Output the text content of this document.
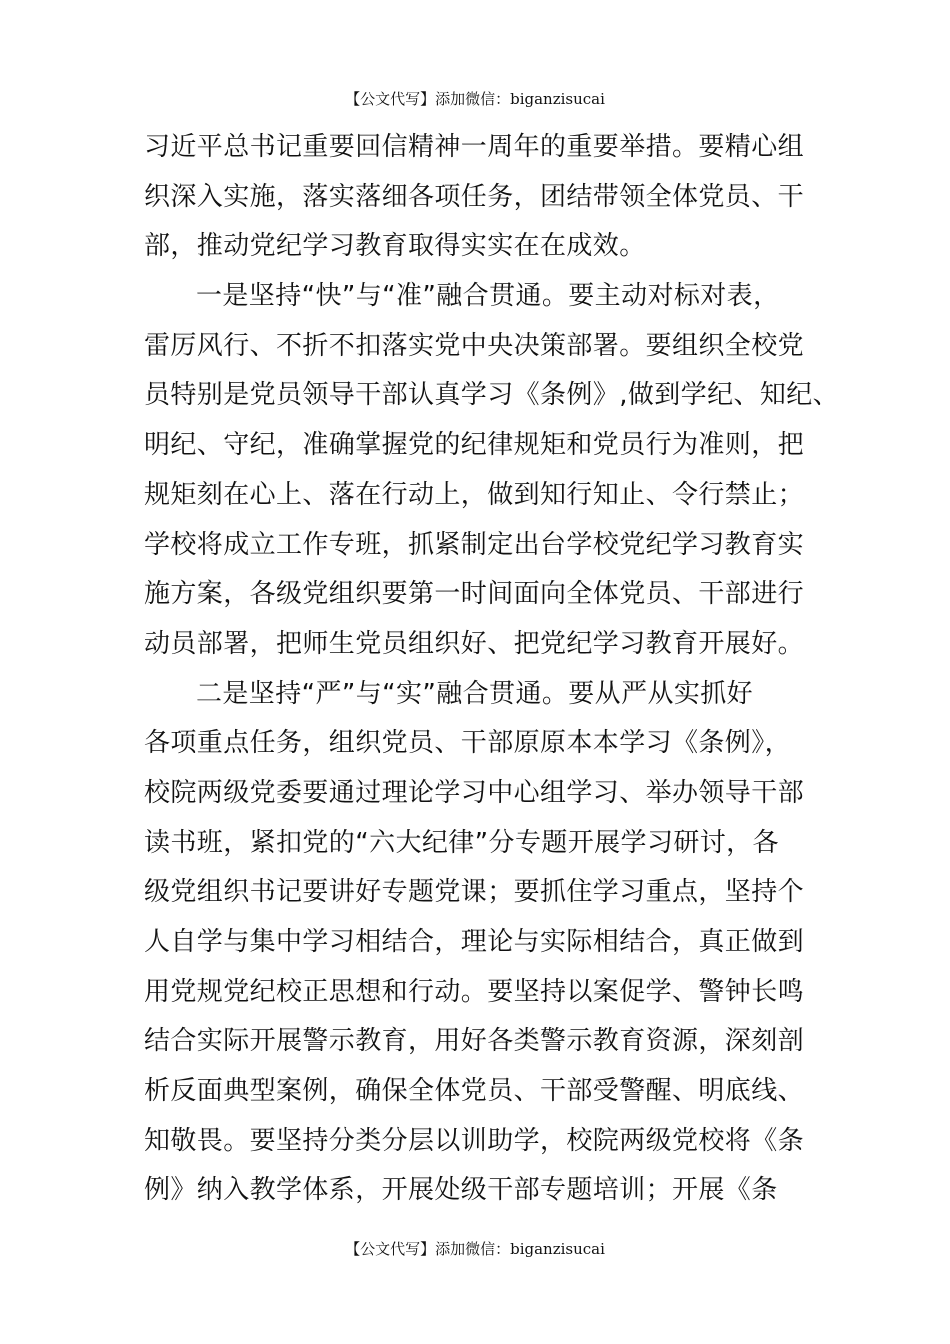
【公文代写】添加微信：biganzisucai
习近平总书记重要回信精神一周年的重要举措。要精心组
织深入实施，落实落细各项任务，团结带领全体党员、干
部，推动党纪学习教育取得实实在在成效。
一是坚持“快”与“准”融合贯通。要主动对标对表，
雷厉风行、不折不扣落实党中央决策部署。要组织全校党
员特别是党员领导干部认真学习《条例》,做到学纪、知纪、
明纪、守纪，准确掌握党的纪律规矩和党员行为准则，把
规矩刻在心上、落在行动上，做到知行知止、令行禁止；
学校将成立工作专班，抓紧制定出台学校党纪学习教育实
施方案，各级党组织要第一时间面向全体党员、干部进行
动员部署，把师生党员组织好、把党纪学习教育开展好。
二是坚持“严”与“实”融合贯通。要从严从实抓好
各项重点任务，组织党员、干部原原本本学习《条例》，
校院两级党委要通过理论学习中心组学习、举办领导干部
读书班，紧扣党的“六大纪律”分专题开展学习研讨，各
级党组织书记要讲好专题党课；要抓住学习重点，坚持个
人自学与集中学习相结合，理论与实际相结合，真正做到
用党规党纪校正思想和行动。要坚持以案促学、警钟长鸣
结合实际开展警示教育，用好各类警示教育资源，深刻剖
析反面典型案例，确保全体党员、干部受警醒、明底线、
知敬畏。要坚持分类分层以训助学，校院两级党校将《条
例》纳入教学体系，开展处级干部专题培训；开展《条
【公文代写】添加微信：biganzisucai
